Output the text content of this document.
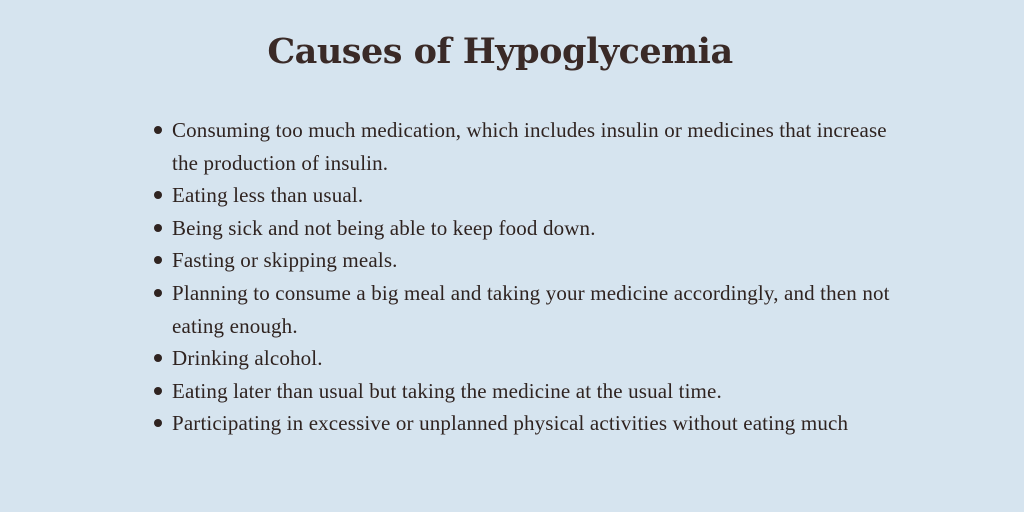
Causes of Hypoglycemia
Consuming too much medication, which includes insulin or medicines that increase the production of insulin.
Eating less than usual.
Being sick and not being able to keep food down.
Fasting or skipping meals.
Planning to consume a big meal and taking your medicine accordingly, and then not eating enough.
Drinking alcohol.
Eating later than usual but taking the medicine at the usual time.
Participating in excessive or unplanned physical activities without eating much
